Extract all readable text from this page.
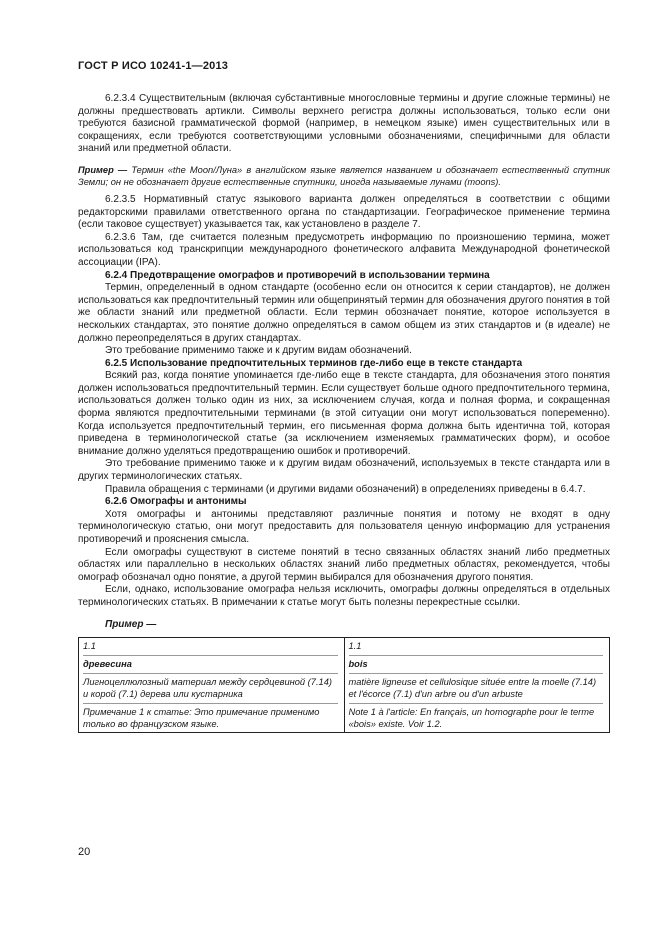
ГОСТ Р ИСО 10241-1—2013

6.2.3.4 Существительным (включая субстантивные многословные термины и другие сложные термины) не должны предшествовать артикли. Символы верхнего регистра должны использоваться, только если они требуются базисной грамматической формой (например, в немецком языке) имен существительных или в сокращениях, если требуются соответствующими условными обозначениями, специфичными для области знаний или предметной области.

Пример — Термин «the Moon/Луна» в английском языке является названием и обозначает естественный спутник Земли; он не обозначает другие естественные спутники, иногда называемые лунами (moons).

6.2.3.5 Нормативный статус языкового варианта должен определяться в соответствии с общими редакторскими правилами ответственного органа по стандартизации. Географическое применение термина (если таковое существует) указывается так, как установлено в разделе 7.

6.2.3.6 Там, где считается полезным предусмотреть информацию по произношению термина, может использоваться код транскрипции международного фонетического алфавита Международной фонетической ассоциации (IPA).

6.2.4 Предотвращение омографов и противоречий в использовании термина

Термин, определенный в одном стандарте (особенно если он относится к серии стандартов), не должен использоваться как предпочтительный термин или общепринятый термин для обозначения другого понятия в той же области знаний или предметной области. Если термин обозначает понятие, которое используется в нескольких стандартах, это понятие должно определяться в самом общем из этих стандартов и (в идеале) не должно переопределяться в других стандартах.

Это требование применимо также и к другим видам обозначений.

6.2.5 Использование предпочтительных терминов где-либо еще в тексте стандарта

Всякий раз, когда понятие упоминается где-либо еще в тексте стандарта, для обозначения этого понятия должен использоваться предпочтительный термин. Если существует больше одного предпочтительного термина, использоваться должен только один из них, за исключением случая, когда и полная форма, и сокращенная форма являются предпочтительными терминами (в этой ситуации они могут использоваться попеременно). Когда используется предпочтительный термин, его письменная форма должна быть идентична той, которая приведена в терминологической статье (за исключением изменяемых грамматических форм), и особое внимание должно уделяться предотвращению ошибок и противоречий.

Это требование применимо также и к другим видам обозначений, используемых в тексте стандарта или в других терминологических статьях.

Правила обращения с терминами (и другими видами обозначений) в определениях приведены в 6.4.7.

6.2.6 Омографы и антонимы

Хотя омографы и антонимы представляют различные понятия и потому не входят в одну терминологическую статью, они могут предоставить для пользователя ценную информацию для устранения противоречий и прояснения смысла.

Если омографы существуют в системе понятий в тесно связанных областях знаний либо предметных областях или параллельно в нескольких областях знаний либо предметных областях, рекомендуется, чтобы омограф обозначал одно понятие, а другой термин выбирался для обозначения другого понятия.

Если, однако, использование омографа нельзя исключить, омографы должны определяться в отдельных терминологических статьях. В примечании к статье могут быть полезны перекрестные ссылки.

Пример —
1.1
древесина
Лигноцеллюлозный материал между сердцевиной (7.14) и корой (7.1) дерева или кустарника
Примечание 1 к статье: Это примечание применимо только во французском языке.

1.1
bois
matière ligneuse et cellulosique située entre la moelle (7.14) et l'écorce (7.1) d'un arbre ou d'un arbuste
Note 1 à l'article: En français, un homographe pour le terme «bois» existe. Voir 1.2.
20
